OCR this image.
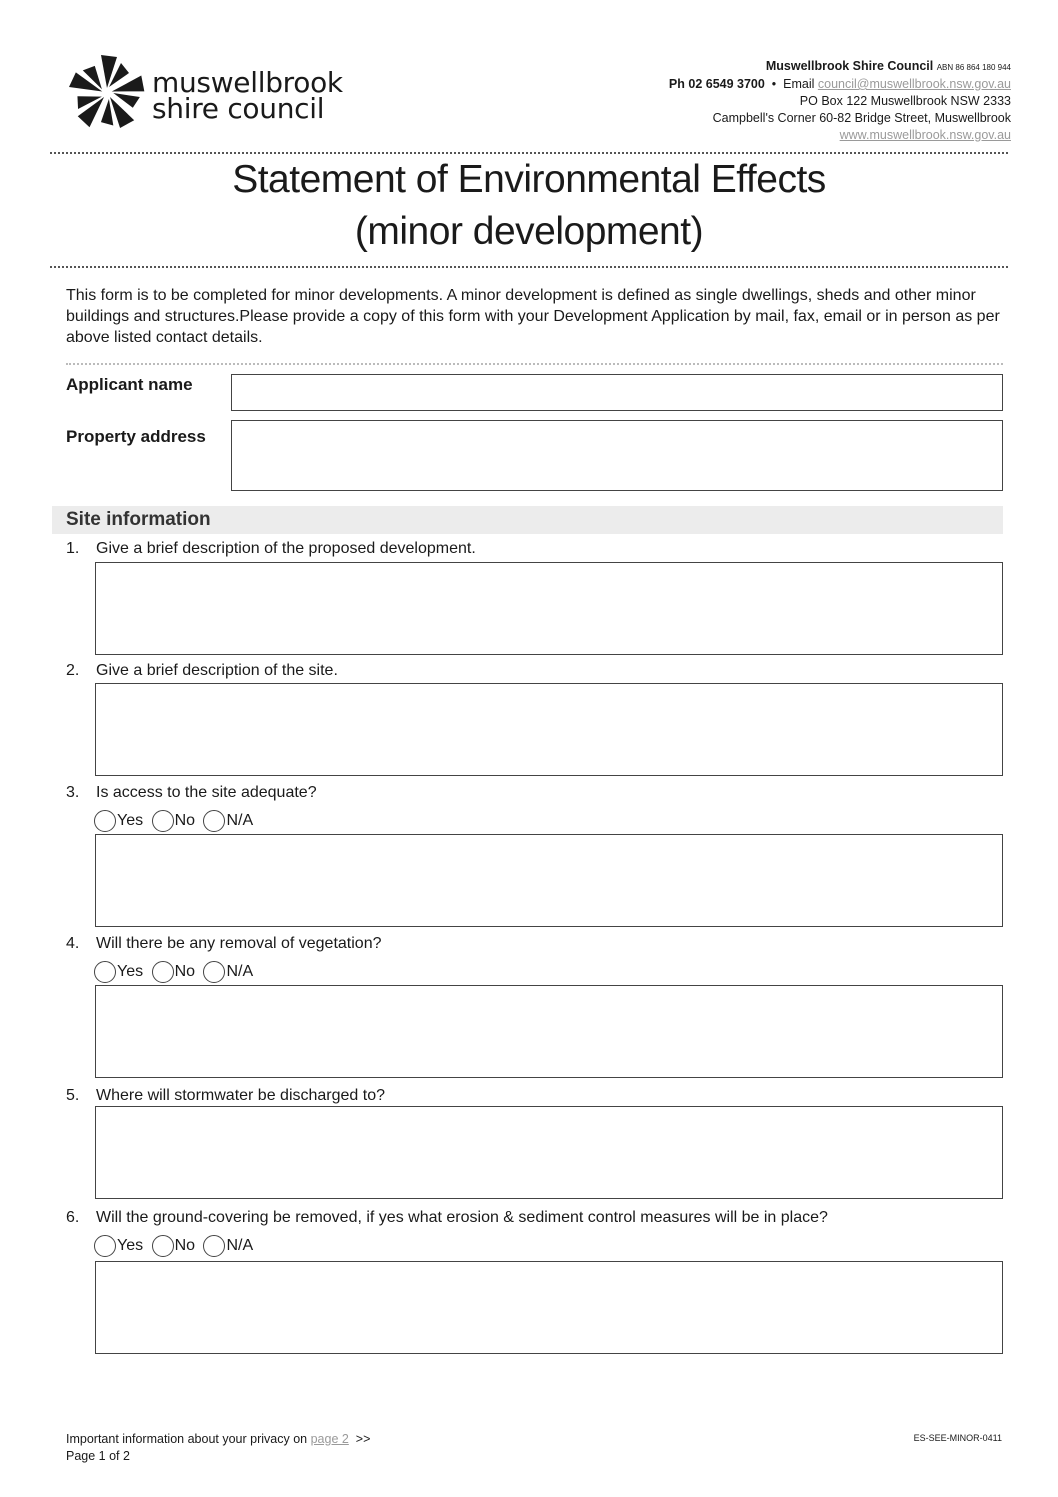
muswellbrook
shire council
Muswellbrook Shire Council ABN 86 864 180 944
Ph 02 6549 3700 • Email council@muswellbrook.nsw.gov.au
PO Box 122 Muswellbrook NSW 2333
Campbell's Corner 60-82 Bridge Street, Muswellbrook
www.muswellbrook.nsw.gov.au
Statement of Environmental Effects
(minor development)
This form is to be completed for minor developments. A minor development is defined as single dwellings, sheds and other minor buildings and structures.Please provide a copy of this form with your Development Application by mail, fax, email or in person as per above listed contact details.
Applicant name
Property address
Site information
1. Give a brief description of the proposed development.
2. Give a brief description of the site.
3. Is access to the site adequate?
Yes
No
N/A
4. Will there be any removal of vegetation?
Yes
No
N/A
5. Where will stormwater be discharged to?
6. Will the ground-covering be removed, if yes what erosion & sediment control measures will be in place?
Yes
No
N/A
Important information about your privacy on page 2 >>
Page 1 of 2
ES-SEE-MINOR-0411
